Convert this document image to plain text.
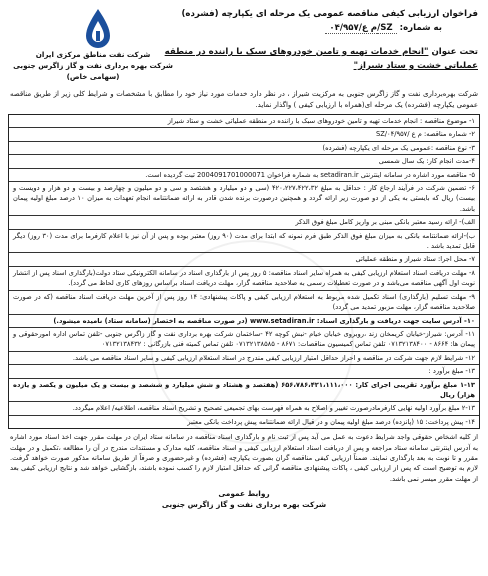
شرکت نفت مناطق مرکزی ایران
شرکت بهره برداری نفت و گاز زاگرس جنوبی
(سهامی خاص)
فراخوان ارزیابی کیفی مناقصه عمومی یک مرحله ای یکپارچه (فشرده)
به شماره: م ع/۰۴/۹۵۷/SZ
تحت عنوان "انجام خدمات تهیه و تامین خودروهای سبک با راننده در منطقه عملیاتی خشت و ستاد شیراز"
شرکت بهره‌برداری نفت و گاز زاگرس جنوبی به مرکزیت شیراز ، در نظر دارد خدمات مورد نیاز خود را مطابق با مشخصات و شرایط کلی زیر از طریق مناقصه عمومی یکپارچه (فشرده) یک مرحله ای(همراه با ارزیابی کیفی ) واگذار نماید.
۱- موضوع مناقصه : انجام خدمات تهیه و تامین خودروهای سبک با راننده در منطقه عملیاتی خشت و ستاد شیراز
۲- شماره مناقصه: م ع /۰۴/۹۵۷/SZ
۳- نوع مناقصه :عمومی یک مرحله ای یکپارچه (فشرده)
۴-مدت انجام کار: یک سال شمسی
۵- مناقصه مورد اشاره در سامانه اینترنتی setadiran.ir به شماره فراخوان 2004091701000071 ثبت گردیده است.
۶- تضمین شرکت در فرآیند ارجاع کار : حداقل به مبلغ ۴۲۰،۲۲۷،۴۲۲،۳۲ (سی و دو میلیارد و هشتصد و سی و دو میلیون و چهارصد و بیست و دو هزار و دویست و بیست) ریال که بایستی به یکی از دو صورت زیر ارائه گردد و همچنین درصورت برنده شدن قادر به ارائه ضمانتنامه انجام تعهدات به میزان ۱۰ درصد مبلغ اولیه پیمان باشد.
الف)- ارائه رسید معتبر بانکی مبنی بر واریز کامل مبلغ فوق الذکر
ب)-ارائه ضمانتنامه بانکی به میزان مبلغ فوق الذکر طبق فرم نمونه که ابتدا برای مدت (۹۰ روز) معتبر بوده و پس از آن نیز با اعلام کارفرما برای مدت (۳۰ روز) دیگر قابل تمدید باشد .
۷- محل اجرا: ستاد شیراز و منطقه عملیاتی
۸- مهلت دریافت اسناد استعلام ارزیابی کیفی به همراه سایر اسناد مناقصه: ۵ روز پس از بارگذاری اسناد در سامانه الکترونیکی ستاد دولت(بارگذاری اسناد پس از انتشار نوبت اول آگهی مناقصه می‌باشد و در صورت تعطیلات رسمی به صلاحدید مناقصه گزار، مهلت دریافت اسناد براساس روزهای کاری لحاظ می گردد).
۹- مهلت تسلیم (بارگذاری) اسناد تکمیل شده مربوط به استعلام ارزیابی کیفی و پاکات پیشنهادی: ۱۴ روز پس از آخرین مهلت دریافت اسناد مناقصه (که در صورت صلاحدید مناقصه گزار، مهلت مزبور تمدید می گردد)
۱۰- آدرس سایت جهت دریافت و بارگذاری اسناد: www.setadiran.ir (در صورت مناقصه به اختصار (سامانه ستاد) نامیده میشود.)
۱۱- آدرس: شیراز-خیابان کریمخان زند ،روبروی خیابان خیام -نبش کوچه ۴۲ -ساختمان شرکت بهره برداری نفت و گاز زاگرس جنوبی -تلفن تماس اداره امورحقوقی و پیمان ها: ۸۶۶۴ - ۰۷۱۳۲۱۳۸۴۰۰ تلفن تماس کمیسیون مناقصات: ۸۶۷۱ - ۰۷۱۳۲۱۳۸۵۸۵ تلفن تماس کمیته فنی بازرگانی : ۰۷۱۳۲۱۳۸۴۳۲
۱۲- شرایط لازم جهت شرکت در مناقصه و احراز حداقل امتیاز ارزیابی کیفی مندرج در اسناد استعلام ارزیابی کیفی و سایر اسناد مناقصه می باشد.
۱۳- مبلغ برآورد :
۱-۱۳ مبلغ برآورد تقریبی اجرای کار: ۶۵۶،۷۸۶،۴۲۱،۱۱۱،۰۰۰ (هفتصد و هشتاد و شش میلیارد و ششصد و بیست و یک میلیون و یکصد و یازده هزار) ریال
۲-۱۳ مبلغ برآورد اولیه نهایی کارفرمادرصورت تغییر و اصلاح به همراه فهرست بهای تجمیعی تصحیح و تشریح اسناد مناقصه، اطلاعیه/ اعلام میگردد.
۱۴- پیش پرداخت: ۱۵ (پانزده) درصد مبلغ اولیه پیمان و در قبال ارائه ضمانتنامه پیش پرداخت بانکی معتبر
از کلیه اشخاص حقوقی واجد شرایط دعوت به عمل می آید پس از ثبت نام و بارگذاری اسناد مناقصه در سامانه ستاد ایران در مهلت مقرر جهت اخذ اسناد مورد اشاره به آدرس اینترنتی سامانه ستاد مراجعه و پس از دریافت اسناد استعلام ارزیابی کیفی و اسناد مناقصه، کلیه مدارک و مستندات مندرج در آن را مطالعه ،تکمیل و در مهلت مقرر و تا نوبت به بعد بارگذاری نمایند. ضمناً ارزیابی کیفی مناقصه گران بصورت یکپارچه (فشرده) و غیرحضوری و صرفاً از طریق سامانه مذکور صورت خواهد گرفت. لازم به توضیح است که پس از ارزیابی کیفی ، پاکات پیشنهادی مناقصه گرانی که حداقل امتیاز لازم را کسب نموده باشند، بازگشایی خواهد شد و نتایج ارزیابی کیفی بعد از مهلت مقرر میسر نمی باشد.
روابط عمومی
شرکت بهره برداری نفت و گاز زاگرس جنوبی
